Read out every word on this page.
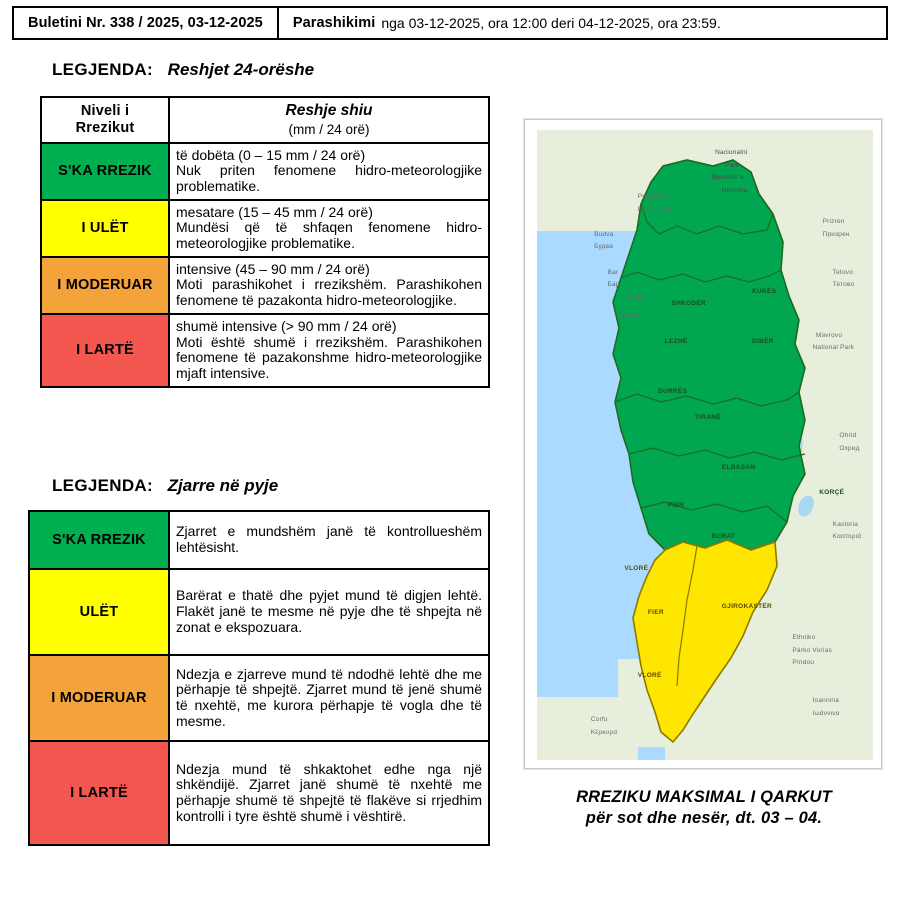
Buletini Nr. 338 / 2025, 03-12-2025 Parashikimi nga 03-12-2025, ora 12:00 deri 04-12-2025, ora 23:59.
LEGJENDA: Reshjet 24-orëshe
Niveli i
Rrezikut	Reshje shiu
(mm / 24 orë)

S'KA RREZIK	të dobëta (0 – 15 mm / 24 orë)
Nuk priten fenomene hidro-meteorologjike problematike.
I ULËT	mesatare (15 – 45 mm / 24 orë)
Mundësi që të shfaqen fenomene hidro-meteorologjike problematike.
I MODERUAR	intensive (45 – 90 mm / 24 orë)
Moti parashikohet i rrezikshëm. Parashikohen fenomene të pazakonta hidro-meteorologjike.
I LARTË	shumë intensive (> 90 mm / 24 orë)
Moti është shumë i rrezikshëm. Parashikohen fenomene të pazakonshme hidro-meteorologjike mjaft intensive.
LEGJENDA: Zjarre në pyje
S'KA RREZIK	Zjarret e mundshëm janë të kontrollueshëm lehtësisht.
ULËT	Barërat e thatë dhe pyjet mund të digjen lehtë. Flakët janë te mesme në pyje dhe të shpejta në zonat e ekspozuara.
I MODERUAR	Ndezja e zjarreve mund të ndodhë lehtë dhe me përhapje të shpejtë. Zjarret mund të jenë shumë të nxehtë, me kurora përhapje të vogla dhe të mesme.
I LARTË	Ndezja mund të shkaktohet edhe nga një shkëndijë. Zjarret janë shumë të nxehtë me përhapje shumë të shpejtë të flakëve si rrjedhim kontrolli i tyre është shumë i vështirë.
SHKODËR
KUKËS
LEZHË	DIBËR
DURRËS
TIRANË
ELBASAN
KORÇË
FIER
BERAT
VLORË
GJIROKASTËR
FIER
VLORË
Nacionalni
Park
Bjeshkët e
Nemuna
Podgorica
Подгорица
Budva
Будва
Bar
Бар
Ulcinj
Shkodër
Prizren
Призрен
Tetovo
Тетово
Mavrovo
National Park
Ohrid
Охрид
Kastoria
Καστοριά
Ethniko
Párko Vorías
Píndou
Ioannina
Ιωάννινα
Corfu
Κέρκυρα
RREZIKU MAKSIMAL I QARKUT
për sot dhe nesër, dt. 03 – 04.
